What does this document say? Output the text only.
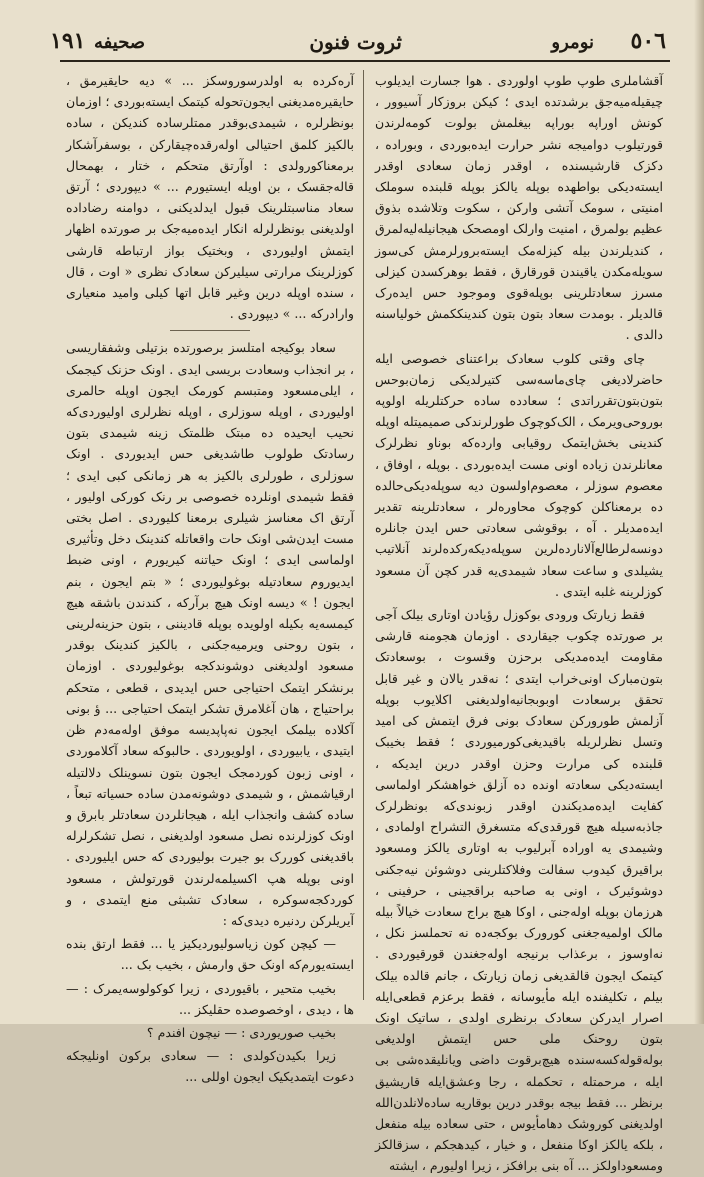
٥٠٦
نومرو
ثروت فنون
صحيفه
١٩١

آقشاملری طوپ طوپ اولوردی . هوا جسارت ایدیلوب چیقیله‌میه‌جق برشدتده ایدی ؛ کیکن بروزکار آسیوور ، کونش اوراپه بوراپه بیغلمش بولوت کومه‌لرندن قورتیلوب دوامیجه نشر حرارت ایده‌بوردی ، وبوراده ، دکزک قارشیسنده ، اوقدر زمان سعادی اوقدر ایسته‌دیکی بواطهده بوپله یالکز بوپله قلبنده سوملک امنیتی ، سومک آتشی وارکن ، سکوت وتلاشده بذوق عظیم بولمرق ، امنیت وارلک اومصحک هیجانیله‌لیه‌لمرق ، کندیلرندن بیله کیزله‌مک ایسته‌برورلرمش کی‌سوز سویله‌مکدن یاقیندن قورقارق ، فقط بوهرکسدن کیزلی مسرز سعادتلرینی بوپله‌قوی وموجود حس ایده‌رک قالدیلر . بومدت سعاد بتون بتون کندینککمش خولیاسنه دالدی .

چای وقتی کلوب سعادک براعتنای خصوصی ایله حاضرلادیغی چای‌ماسه‌سی کتیرلدیکی زمان‌بوحس بتون‌بتون‌تقرراتدی ؛ سعادده ساده حرکتلریله اولوپه بوروحی‌ویرمک ، الک‌کوچوک طورلرندکی صمیمیتله اوپله کندینی بخش‌ایتمک روقیابی وارده‌که بوناو نظرلرک معانلرندن زیاده اونی مست ایده‌بوردی . بوپله ، اوفاق ، معصوم سوزلر ، معصوم‌اولسون دیه سوپله‌دیکی‌حالده ده برمعناکلن کوچوک محاورەلر ، سعادتلرینه تقدیر ایده‌مدیلر . آه ، بوقوشی سعادتی حس ایدن جانلره دونسه‌لرطالع‌آلانارده‌لرین سوپله‌دیکه‌رکده‌لرند آنلاتیب یشیلدی و ساعت سعاد شیمدی‌یه قدر کچن آن مسعود کوزلرینه غلبه ایتدی .

فقط زیارتک ورودی بوکوزل رؤیادن اوتاری بیلک آجی بر صورتده چکوب جیقاردی . اوزمان هجومنه قارشی مقاومت ایده‌مدیکی برحزن وقسوت ، بوسعادتک بتون‌مبارک اونی‌خراب ایتدی ؛ نه‌قدر یالان و غیر قابل تحقق برسعادت اوبوبجانیه‌اولدیغنی اکلایوب بوپله آزلمش طورورکن سعادک بونی فرق ایتمش کی امید وتسل نظرلریله باقیدیغی‌کورمیوردی ؛ فقط بخیبک قلبنده کی مرارت وحزن اوقدر درین ایدیکه ، ایسته‌دیکی سعادته اونده ده آزلق خواهشکر اولماسی کفایت ایده‌مدیکندن اوقدر زبوندی‌که بونظرلرک جاذبه‌سیله هیچ قورقدی‌که متسغرق التشراح اولمادی ، وشیمدی یه اوراده آبرلیوب به اوتاری یالکز ومسعود براقیرق کیدوب سفالت وفلاکتلرینی دوشوئن نیه‌جکنی دوشوئیرک ، اونی به صاحبه براقجینی ، حرفینی ، هرزمان بوپله اوله‌جنی ، اوکا هیچ براج سعادت خیالاً بیله مالک اولمیه‌جغنی کورورک بوکجه‌ده نه تحملسز نکل ، نه‌اوسوز ، برعذاب برنیجه اوله‌جغندن قورقیوردی . کیتمک ایجون قالقدیغی زمان زیارتک ، جانم قالده بیلک بیلم ، تکلیفنده ایله مأیوسانه ، فقط برعزم قطعی‌ایله اصرار ایدرکن سعادک برنظری اولدی ، ساتیک اونک بتون روحنک ملی حس ایتمش اولدیغی بوله‌قوله‌کسه‌سنده هیچ‌برقوت داضی ویانلیقده‌شی بی ایله ، مرحمتله ، تحکمله ، رجا وعشق‌ایله قاریشیق برنظر ... فقط بیجه بوقدر درین بوقاریه ساده‌لانلدن‌الله اولدیغنی کوروشک دهامأیوس ، حتی سعاده بیله منفعل ، بلکه یالکز اوکا منفعل ، و خیار ، کیدهجکم ، سزقالکز ومسعوداولکز ... آه بنی برافکز ، زیرا اولیورم ، ایشته

آره‌کرده به اولدرسوروسکز ... » دیه حایقیرمق ، حایقیره‌مدیغنی ایجون‌تحوله کیتمک ایسته‌بوردی ؛ اوزمان بونظرلره ، شیمدی‌بو‌قدر ممتلرساده کندیکن ، ساده بالکیز کلمق احتیالی اولەرقده‌چیقارکن ، بوسفرآشکار برمعناکورولدی : اوآرتق متحکم ، ختار ، بهمحال قاله‌جقسک ، بن اویله ایستیورم ... » دیپوردی ؛ آرتق سعاد مناسبتلرینک قبول ایدلدیکنی ، دوامنه رضاداده اولدیغنی بونظرلرله انکار ایده‌میه‌جک بر صورتده اظهار ایتمش اولیوردی ، وبختیک بواز ارتباطه قارشی کوزلرینک مرارتی سیلیرکن سعادک نظری « اوت ، قال ، سنده اوپله درین وغیر قابل اتها کیلی وامید منعیاری وارادرکه ... » دیپوردی .

سعاد بوکیجه امتلسز برصورتده بزتیلی وشفقاریسی ، بر انجذاب وسعادت بریسی ایدی . اونک حزنک کیجمک ، ایلی‌مسعود ومتبسم کورمک ایجون اوپله حالمری اولیوردی ، اوپله سوزلری ، اوپله نظرلری اولیوردی‌که نحیب ایحیده ده مبتک ظلمتک زینه شیمدی بتون رسادتک طولوب طاشدیغی حس ایدیوردی . اونک سوزلری ، طورلری بالکیز به هر زمانکی کبی ایدی ؛ فقط شیمدی اونلرده خصوصی بر رنک کورکی اولیور ، آرتق اک معناسز شیلری برمعنا کلیوردی . اصل بختی مست ایدن‌شی اونک حات واقعاتله کندینک دخل وتأثیری اولماسی ایدی ؛ اونک حیاتنه کیریورم ، اونی ضبط ایدیوروم سعادتیله بوغولیوردی ؛ « بتم ایجون ، بنم ایجون ! » دیسه اونک هیچ برآرکه ، کندندن باشقه هیچ کیمسه‌یه بکیله اولویده بوپله قادیننی ، بتون حزینه‌لرینی ، بتون روحنی ویرمیه‌جکنی ، بالکیز کندینک بوقدر مسعود اولدیغنی دوشوندکجه بوغولیوردی . اوزمان برنشکر ایتمک احتیاجی حس ایدیدی ، قطعی ، متحکم براحتیاج ، هان آغلامرق تشکر ایتمک احتیاجی ... ؤ بونی آکلاده بیلمک ایجون نەپاپدیسه موفق اولەمەدم ظن ایتیدی ، یابیوردی ، اولویوردی . حالبوکه سعاد آکلاموردی ، اونی زبون کوردمجک ایجون بتون نسوینلک دلالتیله ارقیاشمش ، و شیمدی دوشونه‌مدن ساده حسیاته تبعاً ، ساده کشف وانجذاب ایله ، هیجانلردن سعادتلر بابرق و اونک کوزلرنده نصل مسعود اولدیغنی ، نصل تشکرلرله باقدیغنی کوررک بو جیرت بولیوردی که حس ایلیوردی . اونی بوپله هپ اکسیلمه‌لرندن قورتولش ، مسعود کوردکجه‌سوکره ، سعادک تشبثی منع ایتمدی ، و آیریلرکن ردنیره دیدی‌که :

— کیچن کون زیاسولیوردیکیز یا ... فقط ارتق بنده ایسته‌یورم‌که اونک حق وارمش ، بخیب بک ...

بخیب متحیر ، باقیوردی ، زیرا کوکولوسه‌یمرک : — ها ، دیدی ، اوخصوصده حقلیکز ...

بخیب صوریوردی : — نیچون افندم ؟

زیرا بکیدن‌کولدی : — سعادی برکون اونلیجکه دعوت ایتمدیکیک ایجون اوللی ...
